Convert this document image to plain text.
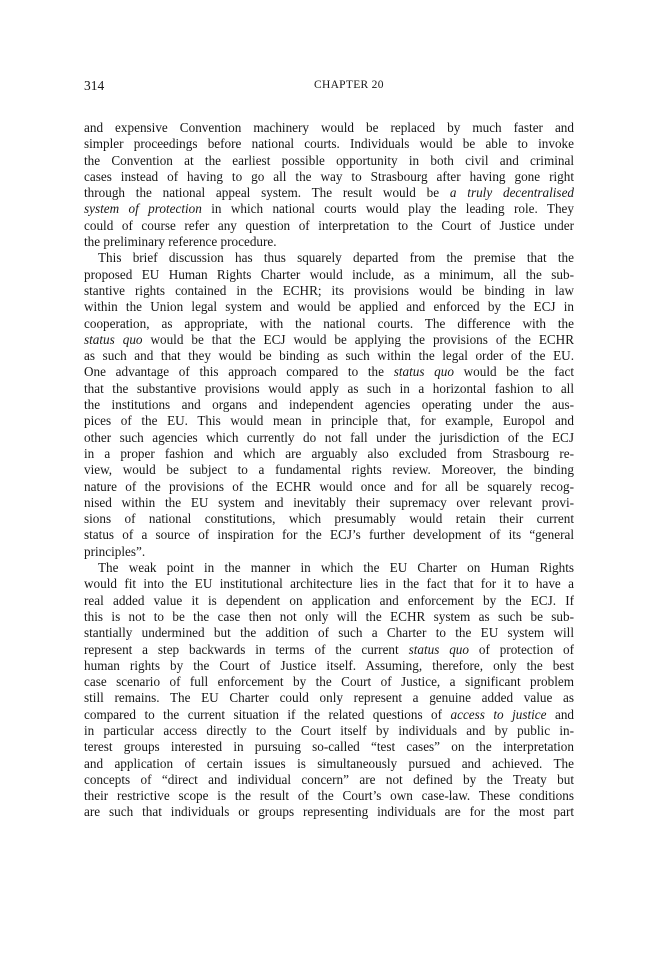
314	CHAPTER 20
and expensive Convention machinery would be replaced by much faster and
simpler proceedings before national courts. Individuals would be able to invoke
the Convention at the earliest possible opportunity in both civil and criminal
cases instead of having to go all the way to Strasbourg after having gone right
through the national appeal system. The result would be a truly decentralised
system of protection in which national courts would play the leading role. They
could of course refer any question of interpretation to the Court of Justice under
the preliminary reference procedure.
This brief discussion has thus squarely departed from the premise that the
proposed EU Human Rights Charter would include, as a minimum, all the sub-
stantive rights contained in the ECHR; its provisions would be binding in law
within the Union legal system and would be applied and enforced by the ECJ in
cooperation, as appropriate, with the national courts. The difference with the
status quo would be that the ECJ would be applying the provisions of the ECHR
as such and that they would be binding as such within the legal order of the EU.
One advantage of this approach compared to the status quo would be the fact
that the substantive provisions would apply as such in a horizontal fashion to all
the institutions and organs and independent agencies operating under the aus-
pices of the EU. This would mean in principle that, for example, Europol and
other such agencies which currently do not fall under the jurisdiction of the ECJ
in a proper fashion and which are arguably also excluded from Strasbourg re-
view, would be subject to a fundamental rights review. Moreover, the binding
nature of the provisions of the ECHR would once and for all be squarely recog-
nised within the EU system and inevitably their supremacy over relevant provi-
sions of national constitutions, which presumably would retain their current
status of a source of inspiration for the ECJ’s further development of its “general
principles”.
The weak point in the manner in which the EU Charter on Human Rights
would fit into the EU institutional architecture lies in the fact that for it to have a
real added value it is dependent on application and enforcement by the ECJ. If
this is not to be the case then not only will the ECHR system as such be sub-
stantially undermined but the addition of such a Charter to the EU system will
represent a step backwards in terms of the current status quo of protection of
human rights by the Court of Justice itself. Assuming, therefore, only the best
case scenario of full enforcement by the Court of Justice, a significant problem
still remains. The EU Charter could only represent a genuine added value as
compared to the current situation if the related questions of access to justice and
in particular access directly to the Court itself by individuals and by public in-
terest groups interested in pursuing so-called “test cases” on the interpretation
and application of certain issues is simultaneously pursued and achieved. The
concepts of “direct and individual concern” are not defined by the Treaty but
their restrictive scope is the result of the Court’s own case-law. These conditions
are such that individuals or groups representing individuals are for the most part
